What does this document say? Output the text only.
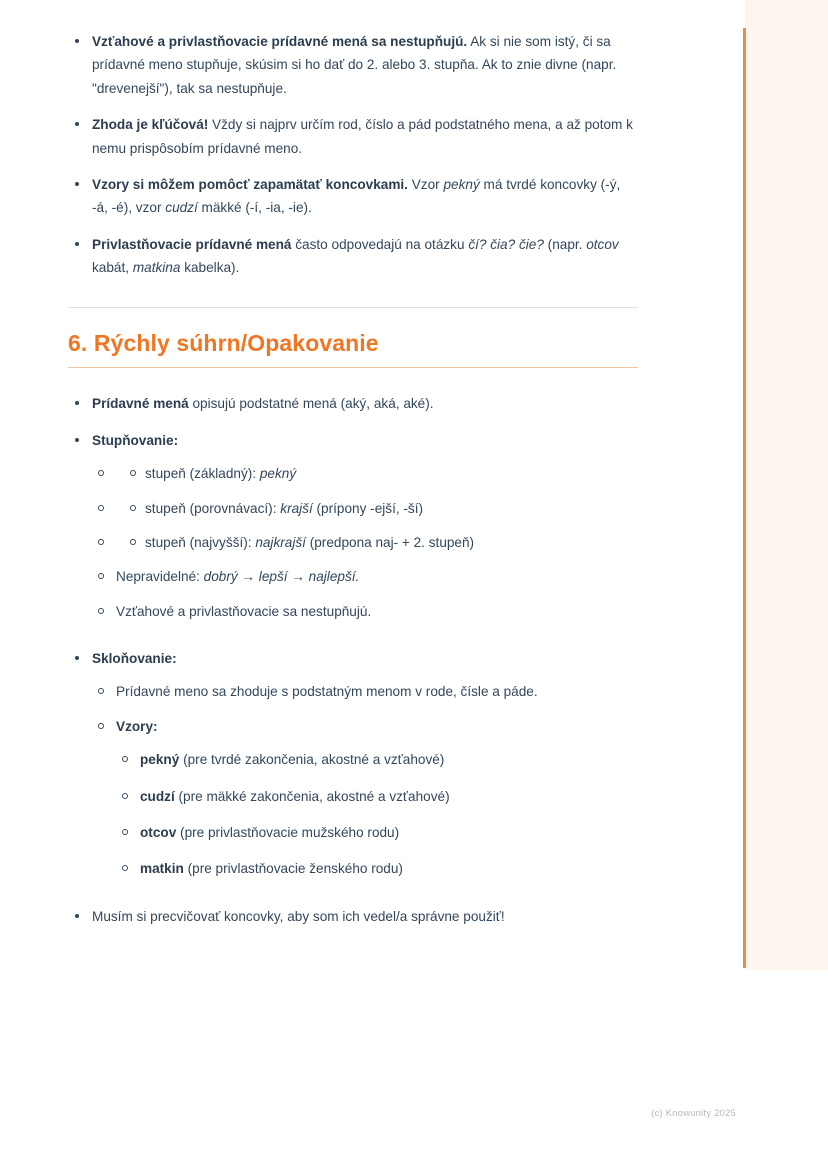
Vzťahové a privlastňovacie prídavné mená sa nestupňujú. Ak si nie som istý, či sa prídavné meno stupňuje, skúsim si ho dať do 2. alebo 3. stupňa. Ak to znie divne (napr. "drevenejší"), tak sa nestupňuje.
Zhoda je kľúčová! Vždy si najprv určím rod, číslo a pád podstatného mena, a až potom k nemu prispôsobím prídavné meno.
Vzory si môžem pomôcť zapamätať koncovkami. Vzor pekný má tvrdé koncovky (-ý, -á, -é), vzor cudzí mäkké (-í, -ia, -ie).
Privlastňovacie prídavné mená často odpovedajú na otázku čí? čia? čie? (napr. otcov kabát, matkina kabelka).
6. Rýchly súhrn/Opakovanie
Prídavné mená opisujú podstatné mená (aký, aká, aké).
Stupňovanie:
stupeň (základný): pekný
stupeň (porovnávací): krajší (prípony -ejší, -ší)
stupeň (najvyšší): najkrajší (predpona naj- + 2. stupeň)
Nepravidelné: dobrý → lepší → najlepší.
Vzťahové a privlastňovacie sa nestupňujú.
Skloňovanie:
Prídavné meno sa zhoduje s podstatným menom v rode, čísle a páde.
Vzory:
pekný (pre tvrdé zakončenia, akostné a vzťahové)
cudzí (pre mäkké zakončenia, akostné a vzťahové)
otcov (pre privlastňovacie mužského rodu)
matkin (pre privlastňovacie ženského rodu)
Musím si precvičovať koncovky, aby som ich vedel/a správne použiť!
(c) Knowunity 2025
